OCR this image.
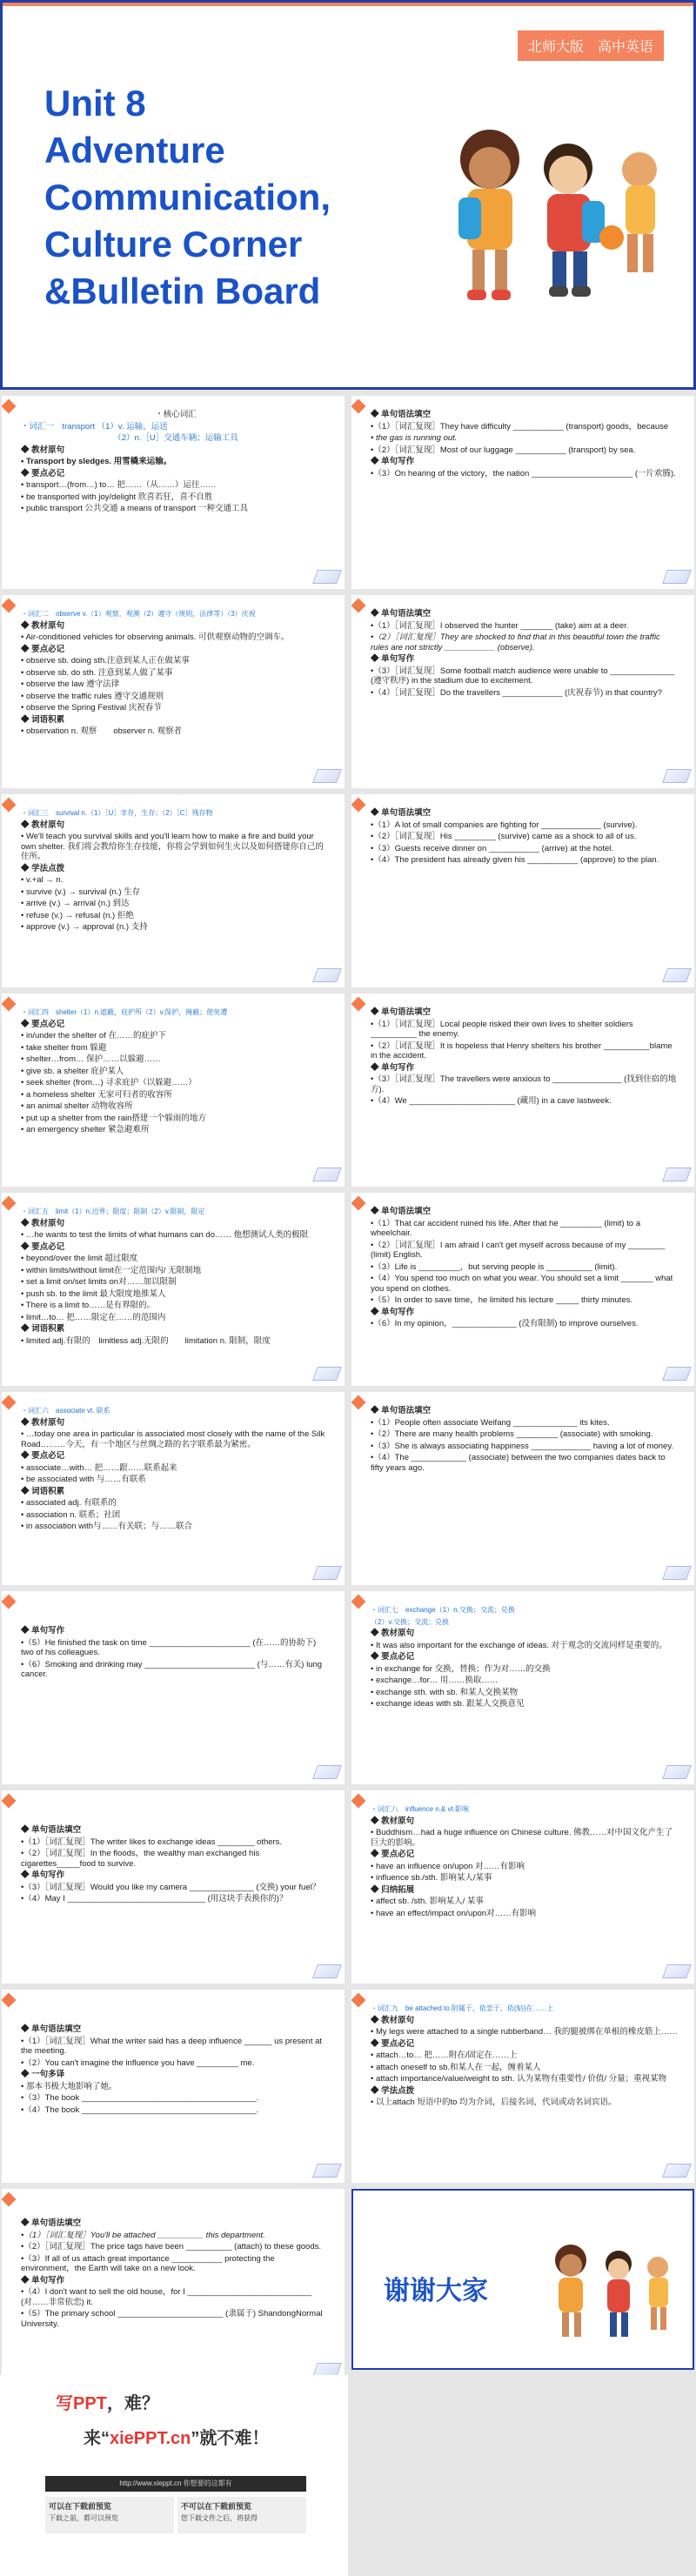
北师大版　高中英语
Unit 8
Adventure
Communication,
Culture Corner
&Bulletin Board

・核心词汇

・词汇一　transport （1）v. 运输，运送

（2）n.［U］交通车辆；运输工具

◆ 教材原句

• Transport by sledges. 用雪橇来运输。

◆ 要点必记

• transport…(from…) to… 把……（从……）运往……

• be transported with joy/delight 欣喜若狂，喜不自胜

• public transport 公共交通 a means of transport 一种交通工具

◆ 单句语法填空

•（1）［词汇复现］They have difficulty ___________ (transport) goods，because

• the gas is running out.

•（2）［词汇复现］Most of our luggage ___________ (transport) by sea.

◆ 单句写作

•（3）On hearing of the victory，the nation ______________________ (一片欢腾).

・词汇二　observe v.（1）观察，观测（2）遵守（规则，法律等）（3）庆祝

◆ 教材原句

• Air-conditioned vehicles for observing animals. 可供观察动物的空调车。

◆ 要点必记

• observe sb. doing sth.注意到某人正在做某事

• observe sb. do sth. 注意到某人做了某事

• observe the law 遵守法律

• observe the traffic rules 遵守交通规则

• observe the Spring Festival 庆祝春节

◆ 词语积累

• observation n. 观察　　observer n. 观察者

◆ 单句语法填空

•（1）［词汇复现］I observed the hunter _______ (take) aim at a deer.

•（2）［词汇复现］They are shocked to find that in this beautiful town the traffic rules are not strictly ___________ (observe).

◆ 单句写作

•（3）［词汇复现］Some football match audience were unable to ______________ (遵守秩序) in the stadium due to excitement.

•（4）［词汇复现］Do the travellers _____________ (庆祝春节) in that country?

・词汇三　survival n.（1）［U］幸存，生存；（2）［C］残存物

◆ 教材原句

• We'll teach you survival skills and you'll learn how to make a fire and build your own shelter. 我们将会教给你生存技能，你将会学到如何生火以及如何搭建你自己的住所。

◆ 学法点拨

• v.+al → n.

• survive (v.) → survival (n.) 生存

• arrive (v.) → arrival (n.) 到达

• refuse (v.) → refusal (n.) 拒绝

• approve (v.) → approval (n.) 支持

◆ 单句语法填空

•（1）A lot of small companies are fighting for _____________ (survive).

•（2）［词汇复现］His _________ (survive) came as a shock to all of us.

•（3）Guests receive dinner on ___________ (arrive) at the hotel.

•（4）The president has already given his ___________ (approve) to the plan.

・词汇四　shelter（1）n.遮蔽，庇护所（2）v.保护，掩蔽；使免遭

◆ 要点必记

• in/under the shelter of 在……的庇护下

• take shelter from 躲避

• shelter…from… 保护……以躲避……

• give sb. a shelter 庇护某人

• seek shelter (from…) 寻求庇护（以躲避……）

• a homeless shelter 无家可归者的收容所

• an animal shelter 动物收容所

• put up a shelter from the rain搭建一个躲雨的地方

• an emergency shelter 紧急避难所

◆ 单句语法填空

•（1）［词汇复现］Local people risked their own lives to shelter soldiers __________ the enemy.

•（2）［词汇复现］It is hopeless that Henry shelters his brother __________blame in the accident.

◆ 单句写作

•（3）［词汇复现］The travellers were anxious to _______________ (找到住宿的地方).

•（4）We _______________________ (藏用) in a cave lastweek.

・词汇五　limit（1）n.边界；限度；限制（2）v.限制，限定

◆ 教材原句

• …he wants to test the limits of what humans can do…… 他想测试人类的极限

◆ 要点必记

• beyond/over the limit 超过限度

• within limits/without limit在一定范围内/ 无限制地

• set a limit on/set limits on对……加以限制

• push sb. to the limit 最大限度地推某人

• There is a limit to……是有界限的。

• limit…to… 把……限定在……的范围内

◆ 词语积累

• limited adj.有限的　limitless adj.无限的　　limitation n. 限制，限度

◆ 单句语法填空

•（1）That car accident ruined his life. After that he _________ (limit) to a wheelchair.

•（2）［词汇复现］I am afraid I can't get myself across because of my ________ (limit) English.

•（3）Life is _________，but serving people is __________ (limit).

•（4）You spend too much on what you wear. You should set a limit _______ what you spend on clothes.

•（5）In order to save time，he limited his lecture _____ thirty minutes.

◆ 单句写作

•（6）In my opinion，______________ (没有限制) to improve ourselves.

・词汇六　associate vt. 联系

◆ 教材原句

• …today one area in particular is associated most closely with the name of the Silk Road………今天，有一个地区与丝绸之路的名字联系最为紧密。

◆ 要点必记

• associate…with… 把……跟……联系起来

• be associated with 与……有联系

◆ 词语积累

• associated adj. 有联系的

• association n. 联系；社团

• in association with与……有关联；与……联合

◆ 单句语法填空

•（1）People often associate Weifang ______________ its kites.

•（2）There are many health problems _________ (associate) with smoking.

•（3）She is always associating happiness _____________ having a lot of money.

•（4）The ____________ (associate) between the two companies dates back to fifty years ago.

◆ 单句写作

•（5）He finished the task on time ______________________ (在……的协助下) two of his colleagues.

•（6）Smoking and drinking may ________________________ (与……有关) lung cancer.

・词汇七　exchange（1）n.交换；交流；兑换

（2）v.交换；交流；兑换

◆ 教材原句

• It was also important for the exchange of ideas. 对于观念的交流同样是重要的。

◆ 要点必记

• in exchange for 交换，替换；作为对……的交换

• exchange…for… 用……换取……

• exchange sth. with sb. 和某人交换某物

• exchange ideas with sb. 跟某人交换意见

◆ 单句语法填空

•（1）［词汇复现］The writer likes to exchange ideas ________ others.

•（2）［词汇复现］In the floods，the wealthy man exchanged his cigarettes_____food to survive.

◆ 单句写作

•（3）［词汇复现］Would you like my camera ______________ (交换) your fuel？

•（4）May I ______________________________ (用这块手表换你的)？

・词汇八　influence n.& vt.影响

◆ 教材原句

• Buddhism…had a huge influence on Chinese culture. 佛教……对中国文化产生了巨大的影响。

◆ 要点必记

• have an influence on/upon 对……有影响

• influence sb./sth. 影响某人/某事

◆ 归纳拓展

• affect sb. /sth. 影响某人/ 某事

• have an effect/impact on/upon对……有影响

◆ 单句语法填空

•（1）［词汇复现］What the writer said has a deep influence ______ us present at the meeting.

•（2）You can't imagine the influence you have _________ me.

◆ 一句多译

• 那本书极大地影响了她。

•（3）The book ______________________________________.

•（4）The book ______________________________________.

・词汇九　be attached to 附属于，依恋于，依(贴)在……上

◆ 教材原句

• My legs were attached to a single rubberband… 我的腿被绑在单根的橡皮筋上……

◆ 要点必记

• attach…to… 把……附在/固定在……上

• attach oneself to sb.和某人在一起，缠着某人

• attach importance/value/weight to sth. 认为某物有重要性/ 价值/ 分量；重视某物

◆ 学法点拨

• 以上attach 短语中的to 均为介词，后接名词，代词或动名词宾语。

◆ 单句语法填空

•（1）［词汇复现］You'll be attached __________ this department.

•（2）［词汇复现］The price tags have been __________ (attach) to these goods.

•（3）If all of us attach great importance ___________ protecting the environment，the Earth will take on a new look.

◆ 单句写作

•（4）I don't want to sell the old house，for I ___________________________ (对……非常依恋) it.

•（5）The primary school _______________________ (隶属于) ShandongNormal University.

谢谢大家
写PPT，难？
来“xiePPT.cn”就不难！
http://www.xieppt.cn 你想要的这都有
可以在下载前预览
下载之前，都可以预览
不可以在下载前预览
您下载文件之后，将获得
